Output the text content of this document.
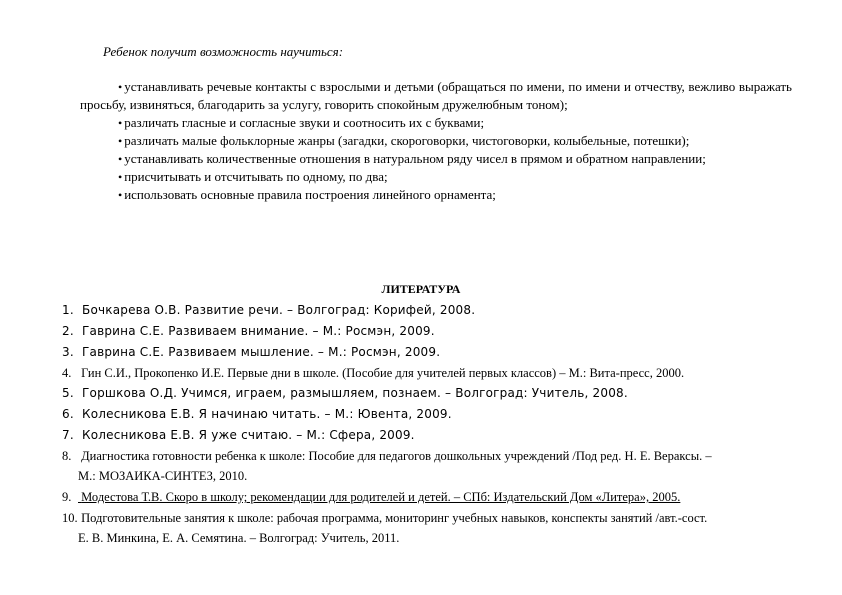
Ребенок получит возможность научиться:

• устанавливать речевые контакты с взрослыми и детьми (обращаться по имени, по имени и отчеству, вежливо выражать просьбу, извиняться, благодарить за услугу, говорить спокойным дружелюбным тоном);

• различать гласные и согласные звуки и соотносить их с буквами;

• различать малые фольклорные жанры (загадки, скороговорки, чистоговорки, колыбельные, потешки);

• устанавливать количественные отношения в натуральном ряду чисел в прямом и обратном направлении;

• присчитывать и отсчитывать по одному, по два;

• использовать основные правила построения линейного орнамента;

ЛИТЕРАТУРА
1. Бочкарева О.В. Развитие речи. – Волгоград: Корифей, 2008.
2. Гаврина С.Е. Развиваем внимание. – М.: Росмэн, 2009.
3. Гаврина С.Е. Развиваем мышление. – М.: Росмэн, 2009.
4. Гин С.И., Прокопенко И.Е. Первые дни в школе. (Пособие для учителей первых классов) – М.: Вита-пресс, 2000.
5. Горшкова О.Д. Учимся, играем, размышляем, познаем. – Волгоград: Учитель, 2008.
6. Колесникова Е.В. Я начинаю читать. – М.: Ювента, 2009.
7. Колесникова Е.В. Я уже считаю. – М.: Сфера, 2009.
8. Диагностика готовности ребенка к школе: Пособие для педагогов дошкольных учреждений /Под ред. Н. Е. Вераксы. –
М.: МОЗАИКА-СИНТЕЗ, 2010.
9. Модестова Т.В. Скоро в школу; рекомендации для родителей и детей. – СПб: Издательский Дом «Литера», 2005.
10. Подготовительные занятия к школе: рабочая программа, мониторинг учебных навыков, конспекты занятий /авт.-сост.
Е. В. Минкина, Е. А. Семятина. – Волгоград: Учитель, 2011.
